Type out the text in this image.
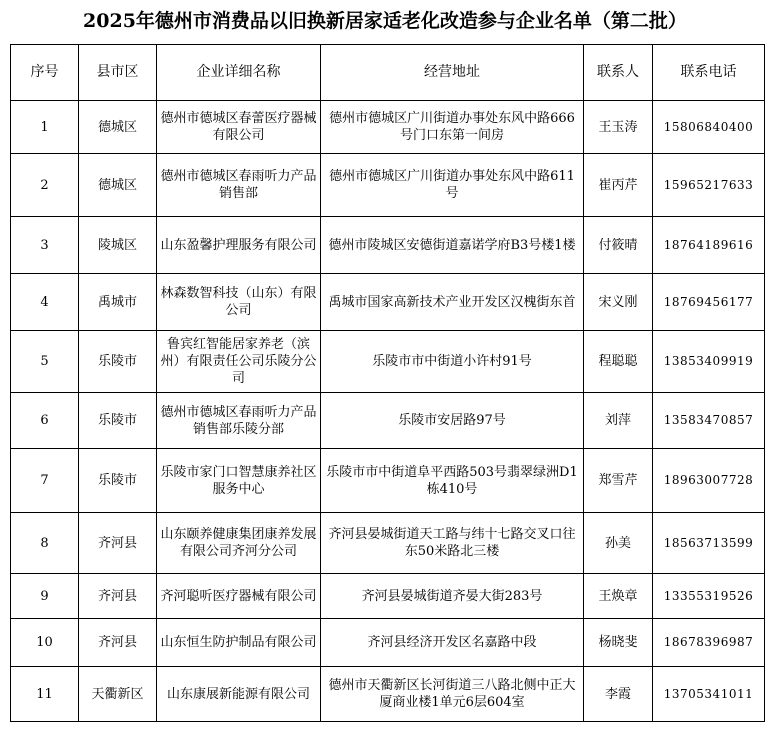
2025年德州市消费品以旧换新居家适老化改造参与企业名单（第二批）
序号	县市区	企业详细名称	经营地址	联系人	联系电话
1	德城区	德州市德城区春蕾医疗器械有限公司	德州市德城区广川街道办事处东风中路666号门口东第一间房	王玉涛	15806840400
2	德城区	德州市德城区春雨听力产品销售部	德州市德城区广川街道办事处东风中路611号	崔丙芹	15965217633
3	陵城区	山东盈馨护理服务有限公司	德州市陵城区安德街道嘉诺学府B3号楼1楼	付筱晴	18764189616
4	禹城市	林森数智科技（山东）有限公司	禹城市国家高新技术产业开发区汉槐街东首	宋义刚	18769456177
5	乐陵市	鲁宾红智能居家养老（滨州）有限责任公司乐陵分公司	乐陵市市中街道小许村91号	程聪聪	13853409919
6	乐陵市	德州市德城区春雨听力产品销售部乐陵分部	乐陵市安居路97号	刘萍	13583470857
7	乐陵市	乐陵市家门口智慧康养社区服务中心	乐陵市市中街道阜平西路503号翡翠绿洲D1栋410号	郑雪芹	18963007728
8	齐河县	山东颐养健康集团康养发展有限公司齐河分公司	齐河县晏城街道天工路与纬十七路交叉口往东50米路北三楼	孙美	18563713599
9	齐河县	齐河聪听医疗器械有限公司	齐河县晏城街道齐晏大街283号	王焕章	13355319526
10	齐河县	山东恒生防护制品有限公司	齐河县经济开发区名嘉路中段	杨晓斐	18678396987
11	天衢新区	山东康展新能源有限公司	德州市天衢新区长河街道三八路北侧中正大厦商业楼1单元6层604室	李霞	13705341011
